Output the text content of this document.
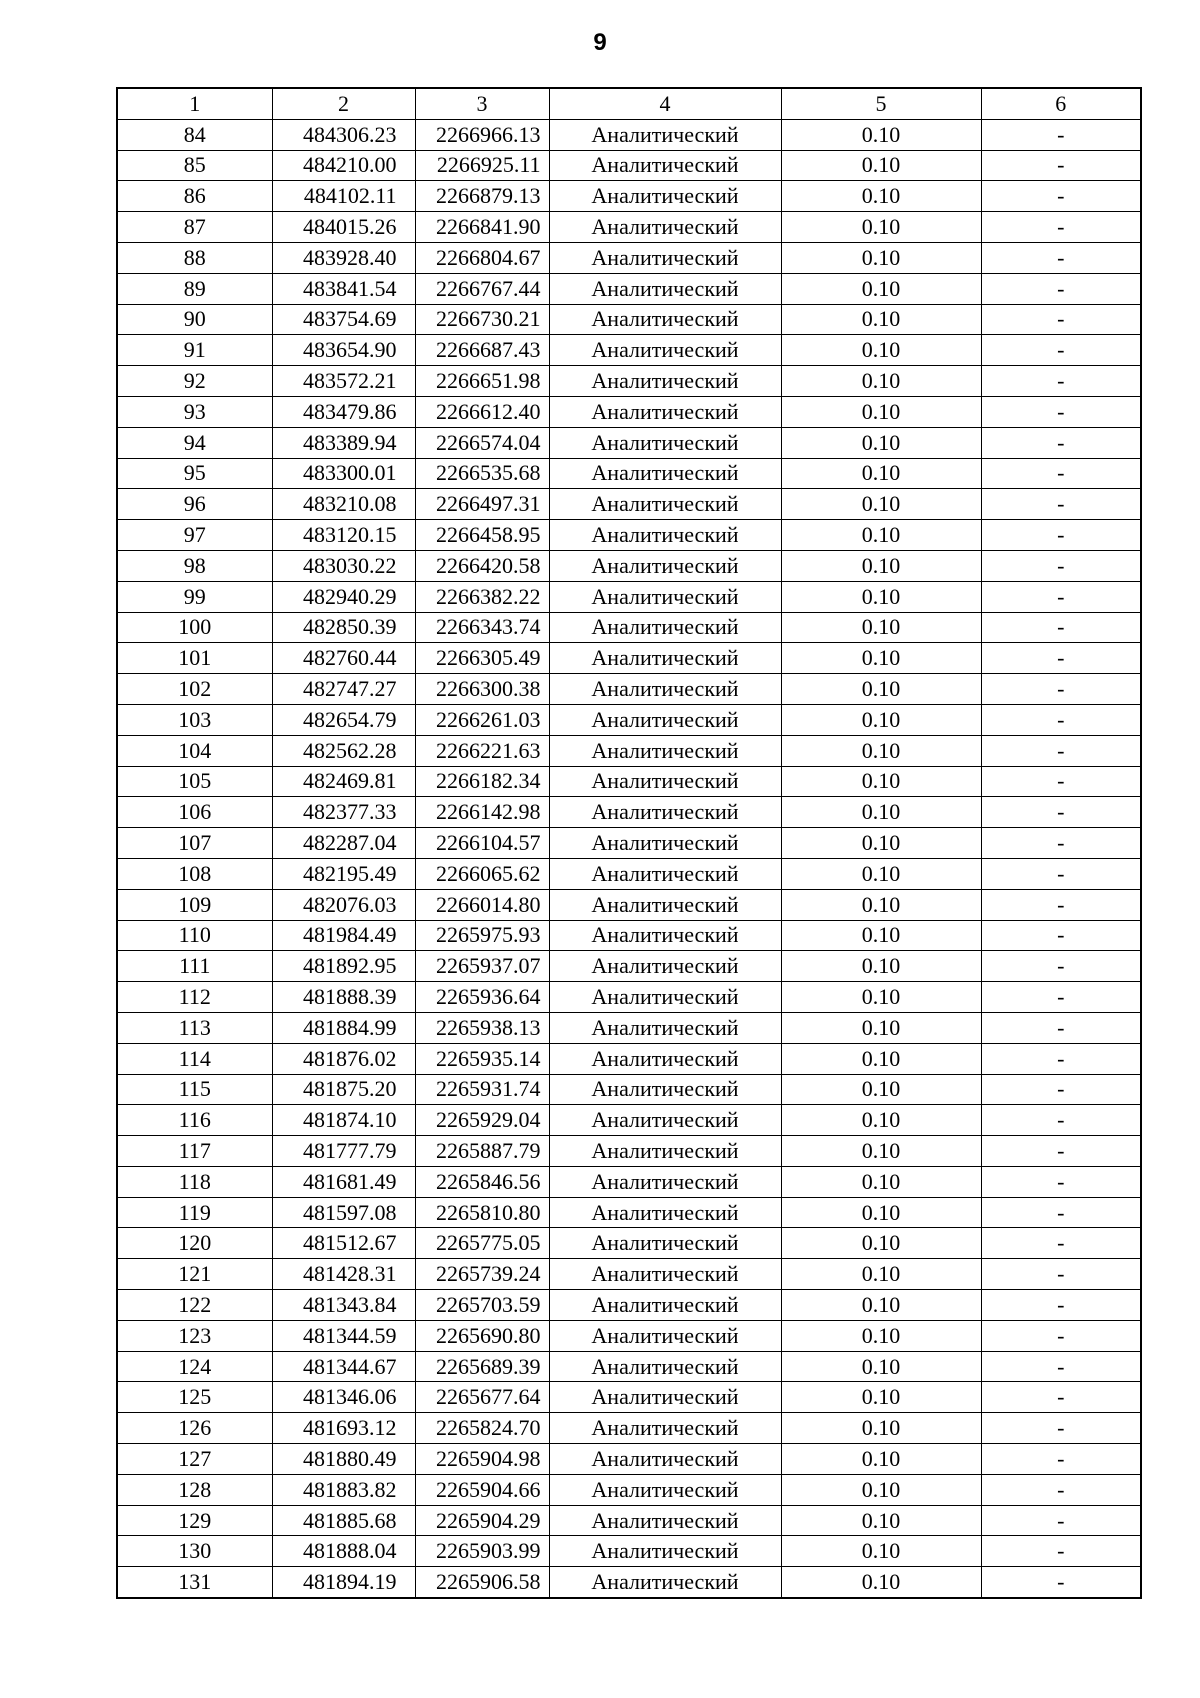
9
1	2	3	4	5	6
84	484306.23	2266966.13	Аналитический	0.10	-
85	484210.00	2266925.11	Аналитический	0.10	-
86	484102.11	2266879.13	Аналитический	0.10	-
87	484015.26	2266841.90	Аналитический	0.10	-
88	483928.40	2266804.67	Аналитический	0.10	-
89	483841.54	2266767.44	Аналитический	0.10	-
90	483754.69	2266730.21	Аналитический	0.10	-
91	483654.90	2266687.43	Аналитический	0.10	-
92	483572.21	2266651.98	Аналитический	0.10	-
93	483479.86	2266612.40	Аналитический	0.10	-
94	483389.94	2266574.04	Аналитический	0.10	-
95	483300.01	2266535.68	Аналитический	0.10	-
96	483210.08	2266497.31	Аналитический	0.10	-
97	483120.15	2266458.95	Аналитический	0.10	-
98	483030.22	2266420.58	Аналитический	0.10	-
99	482940.29	2266382.22	Аналитический	0.10	-
100	482850.39	2266343.74	Аналитический	0.10	-
101	482760.44	2266305.49	Аналитический	0.10	-
102	482747.27	2266300.38	Аналитический	0.10	-
103	482654.79	2266261.03	Аналитический	0.10	-
104	482562.28	2266221.63	Аналитический	0.10	-
105	482469.81	2266182.34	Аналитический	0.10	-
106	482377.33	2266142.98	Аналитический	0.10	-
107	482287.04	2266104.57	Аналитический	0.10	-
108	482195.49	2266065.62	Аналитический	0.10	-
109	482076.03	2266014.80	Аналитический	0.10	-
110	481984.49	2265975.93	Аналитический	0.10	-
111	481892.95	2265937.07	Аналитический	0.10	-
112	481888.39	2265936.64	Аналитический	0.10	-
113	481884.99	2265938.13	Аналитический	0.10	-
114	481876.02	2265935.14	Аналитический	0.10	-
115	481875.20	2265931.74	Аналитический	0.10	-
116	481874.10	2265929.04	Аналитический	0.10	-
117	481777.79	2265887.79	Аналитический	0.10	-
118	481681.49	2265846.56	Аналитический	0.10	-
119	481597.08	2265810.80	Аналитический	0.10	-
120	481512.67	2265775.05	Аналитический	0.10	-
121	481428.31	2265739.24	Аналитический	0.10	-
122	481343.84	2265703.59	Аналитический	0.10	-
123	481344.59	2265690.80	Аналитический	0.10	-
124	481344.67	2265689.39	Аналитический	0.10	-
125	481346.06	2265677.64	Аналитический	0.10	-
126	481693.12	2265824.70	Аналитический	0.10	-
127	481880.49	2265904.98	Аналитический	0.10	-
128	481883.82	2265904.66	Аналитический	0.10	-
129	481885.68	2265904.29	Аналитический	0.10	-
130	481888.04	2265903.99	Аналитический	0.10	-
131	481894.19	2265906.58	Аналитический	0.10	-
